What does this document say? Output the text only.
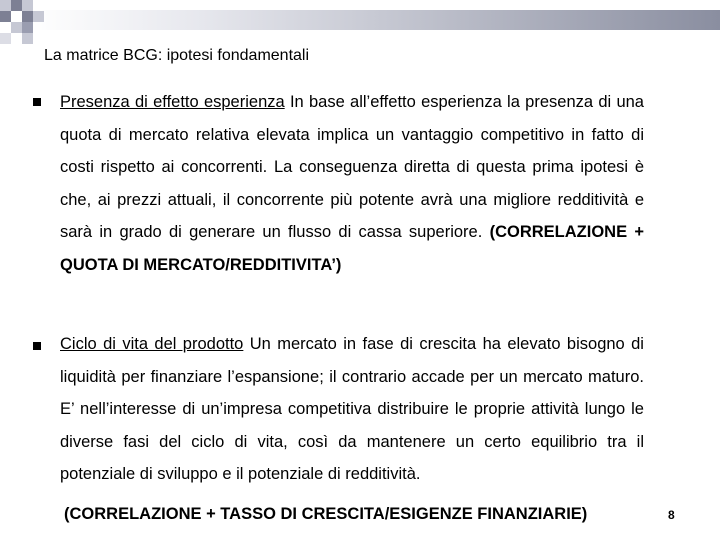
La matrice BCG: ipotesi fondamentali

Presenza di effetto esperienza In base all’effetto esperienza la presenza di una quota di mercato relativa elevata implica un vantaggio competitivo in fatto di costi rispetto ai concorrenti. La conseguenza diretta di questa prima ipotesi è che, ai prezzi attuali, il concorrente più potente avrà una migliore redditività e sarà in grado di generare un flusso di cassa superiore. (CORRELAZIONE + QUOTA DI MERCATO/REDDITIVITA’)

Ciclo di vita del prodotto Un mercato in fase di crescita ha elevato bisogno di liquidità per finanziare l’espansione; il contrario accade per un mercato maturo. E’ nell’interesse di un’impresa competitiva distribuire le proprie attività lungo le diverse fasi del ciclo di vita, così da mantenere un certo equilibrio tra il potenziale di sviluppo e il potenziale di redditività.

(CORRELAZIONE + TASSO DI CRESCITA/ESIGENZE FINANZIARIE)	8
